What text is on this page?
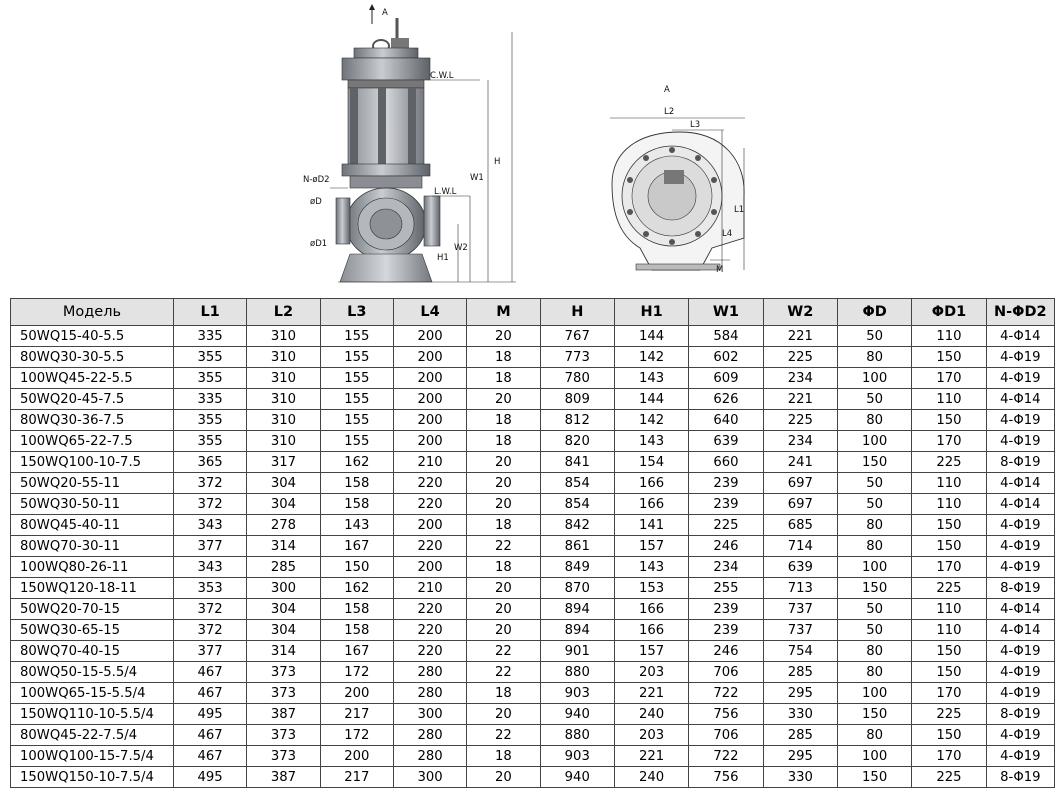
A
C.W.L
L.W.L
N-øD2
øD
øD1
H
W1
W2
H1
A
L2
L3
L1
L4
M
Модель	L1	L2	L3	L4	M	H	H1	W1	W2	ΦD	ΦD1	N-ΦD2
50WQ15-40-5.5	335	310	155	200	20	767	144	584	221	50	110	4-Φ14
80WQ30-30-5.5	355	310	155	200	18	773	142	602	225	80	150	4-Φ19
100WQ45-22-5.5	355	310	155	200	18	780	143	609	234	100	170	4-Φ19
50WQ20-45-7.5	335	310	155	200	20	809	144	626	221	50	110	4-Φ14
80WQ30-36-7.5	355	310	155	200	18	812	142	640	225	80	150	4-Φ19
100WQ65-22-7.5	355	310	155	200	18	820	143	639	234	100	170	4-Φ19
150WQ100-10-7.5	365	317	162	210	20	841	154	660	241	150	225	8-Φ19
50WQ20-55-11	372	304	158	220	20	854	166	239	697	50	110	4-Φ14
50WQ30-50-11	372	304	158	220	20	854	166	239	697	50	110	4-Φ14
80WQ45-40-11	343	278	143	200	18	842	141	225	685	80	150	4-Φ19
80WQ70-30-11	377	314	167	220	22	861	157	246	714	80	150	4-Φ19
100WQ80-26-11	343	285	150	200	18	849	143	234	639	100	170	4-Φ19
150WQ120-18-11	353	300	162	210	20	870	153	255	713	150	225	8-Φ19
50WQ20-70-15	372	304	158	220	20	894	166	239	737	50	110	4-Φ14
50WQ30-65-15	372	304	158	220	20	894	166	239	737	50	110	4-Φ14
80WQ70-40-15	377	314	167	220	22	901	157	246	754	80	150	4-Φ19
80WQ50-15-5.5/4	467	373	172	280	22	880	203	706	285	80	150	4-Φ19
100WQ65-15-5.5/4	467	373	200	280	18	903	221	722	295	100	170	4-Φ19
150WQ110-10-5.5/4	495	387	217	300	20	940	240	756	330	150	225	8-Φ19
80WQ45-22-7.5/4	467	373	172	280	22	880	203	706	285	80	150	4-Φ19
100WQ100-15-7.5/4	467	373	200	280	18	903	221	722	295	100	170	4-Φ19
150WQ150-10-7.5/4	495	387	217	300	20	940	240	756	330	150	225	8-Φ19
